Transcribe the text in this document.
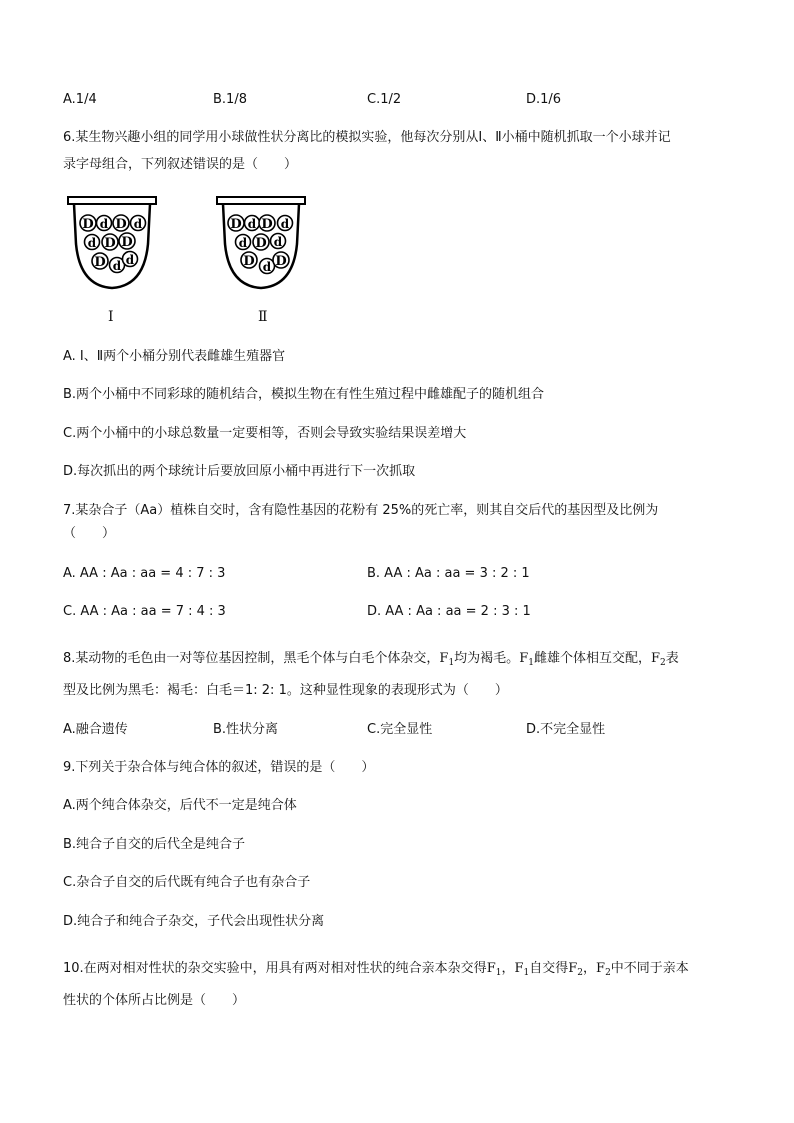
A.1/4	B.1/8	C.1/2	D.1/6
6.某生物兴趣小组的同学用小球做性状分离比的模拟实验，他每次分别从Ⅰ、Ⅱ小桶中随机抓取一个小球并记
录字母组合，下列叙述错误的是（　　）
D d D d
d D D
D d d
D d D d
d D d
D d D
Ⅰ	Ⅱ
A. Ⅰ、Ⅱ两个小桶分别代表雌雄生殖器官
B.两个小桶中不同彩球的随机结合，模拟生物在有性生殖过程中雌雄配子的随机组合
C.两个小桶中的小球总数量一定要相等，否则会导致实验结果误差增大
D.每次抓出的两个球统计后要放回原小桶中再进行下一次抓取
7.某杂合子（Aa）植株自交时，含有隐性基因的花粉有 25%的死亡率，则其自交后代的基因型及比例为
（　　）
A. AA : Aa : aa = 4 : 7 : 3	B. AA : Aa : aa = 3 : 2 : 1
C. AA : Aa : aa = 7 : 4 : 3	D. AA : Aa : aa = 2 : 3 : 1
8.某动物的毛色由一对等位基因控制，黑毛个体与白毛个体杂交，$F_1$均为褐毛。$F_1$雌雄个体相互交配，$F_2$表
型及比例为黑毛：褐毛：白毛＝1: 2: 1。这种显性现象的表现形式为（　　）
A.融合遗传	B.性状分离	C.完全显性	D.不完全显性
9.下列关于杂合体与纯合体的叙述，错误的是（　　）
A.两个纯合体杂交，后代不一定是纯合体
B.纯合子自交的后代全是纯合子
C.杂合子自交的后代既有纯合子也有杂合子
D.纯合子和纯合子杂交，子代会出现性状分离
10.在两对相对性状的杂交实验中，用具有两对相对性状的纯合亲本杂交得$F_1$，$F_1$自交得$F_2$，$F_2$中不同于亲本
性状的个体所占比例是（　　）
